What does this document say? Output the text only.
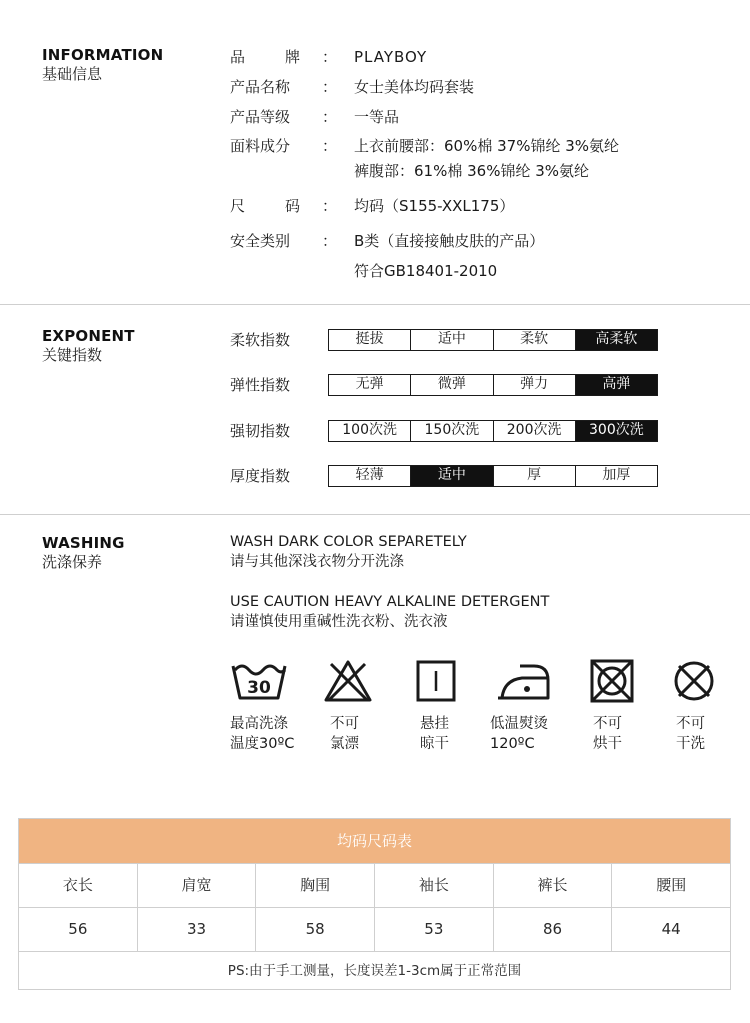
INFORMATION
基础信息
品	牌 ： PLAYBOY
产品名称	： 女士美体均码套装
产品等级	： 一等品
面料成分	： 上衣前腰部：60%棉 37%锦纶 3%氨纶
裤腹部：61%棉 36%锦纶 3%氨纶
尺	码 ： 均码（S155-XXL175）
安全类别	： B类（直接接触皮肤的产品）
符合GB18401-2010
EXPONENT
关键指数
柔软指数	挺拔	适中	柔软	高柔软
弹性指数	无弹	微弹	弹力	高弹
强韧指数	100次洗	150次洗	200次洗	300次洗
厚度指数	轻薄	适中	厚	加厚
WASHING
洗涤保养
WASH DARK COLOR SEPARETELY
请与其他深浅衣物分开洗涤
USE CAUTION HEAVY ALKALINE DETERGENT
请谨慎使用重碱性洗衣粉、洗衣液
30
最高洗涤
温度30ºC
不可
氯漂
悬挂
晾干
低温熨烫
120ºC
不可
烘干
不可
干洗
均码尺码表
衣长	肩宽	胸围	袖长	裤长	腰围
56	33	58	53	86	44
PS:由于手工测量，长度误差1-3cm属于正常范围
